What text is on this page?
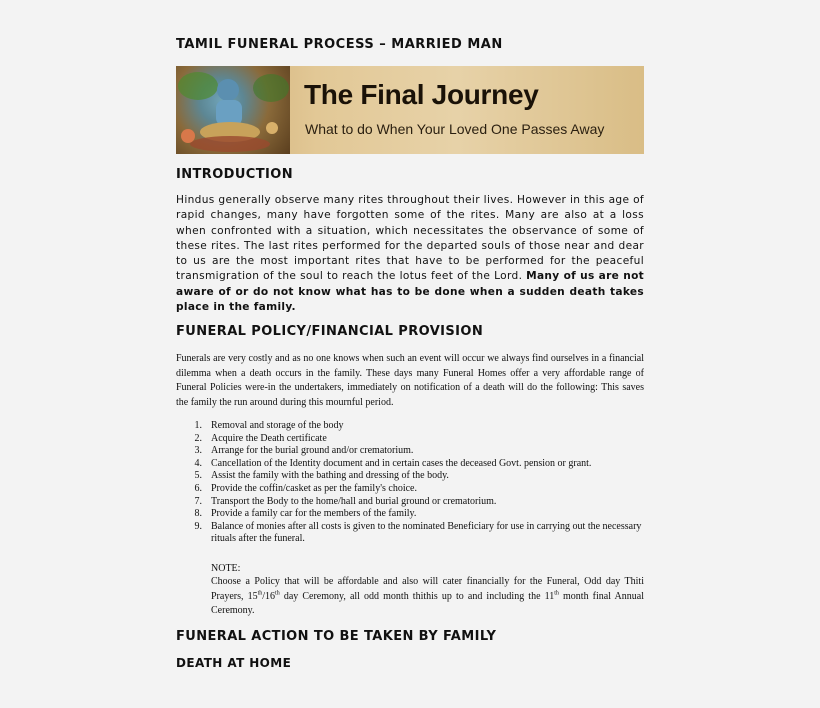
TAMIL FUNERAL PROCESS – MARRIED MAN
The Final Journey
What to do When Your Loved One Passes Away
INTRODUCTION
Hindus generally observe many rites throughout their lives. However in this age of rapid changes, many have forgotten some of the rites. Many are also at a loss when confronted with a situation, which necessitates the observance of some of these rites. The last rites performed for the departed souls of those near and dear to us are the most important rites that have to be performed for the peaceful transmigration of the soul to reach the lotus feet of the Lord. Many of us are not aware of or do not know what has to be done when a sudden death takes place in the family.
FUNERAL POLICY/FINANCIAL PROVISION
Funerals are very costly and as no one knows when such an event will occur we always find ourselves in a financial dilemma when a death occurs in the family. These days many Funeral Homes offer a very affordable range of Funeral Policies were-in the undertakers, immediately on notification of a death will do the following: This saves the family the run around during this mournful period.
1. Removal and storage of the body
2. Acquire the Death certificate
3. Arrange for the burial ground and/or crematorium.
4. Cancellation of the Identity document and in certain cases the deceased Govt. pension or grant.
5. Assist the family with the bathing and dressing of the body.
6. Provide the coffin/casket as per the family's choice.
7. Transport the Body to the home/hall and burial ground or crematorium.
8. Provide a family car for the members of the family.
9. Balance of monies after all costs is given to the nominated Beneficiary for use in carrying out the necessary rituals after the funeral.
NOTE:
Choose a Policy that will be affordable and also will cater financially for the Funeral, Odd day Thiti Prayers, 15th/16th day Ceremony, all odd month thithis up to and including the 11th month final Annual Ceremony.
FUNERAL ACTION TO BE TAKEN BY FAMILY
DEATH AT HOME
